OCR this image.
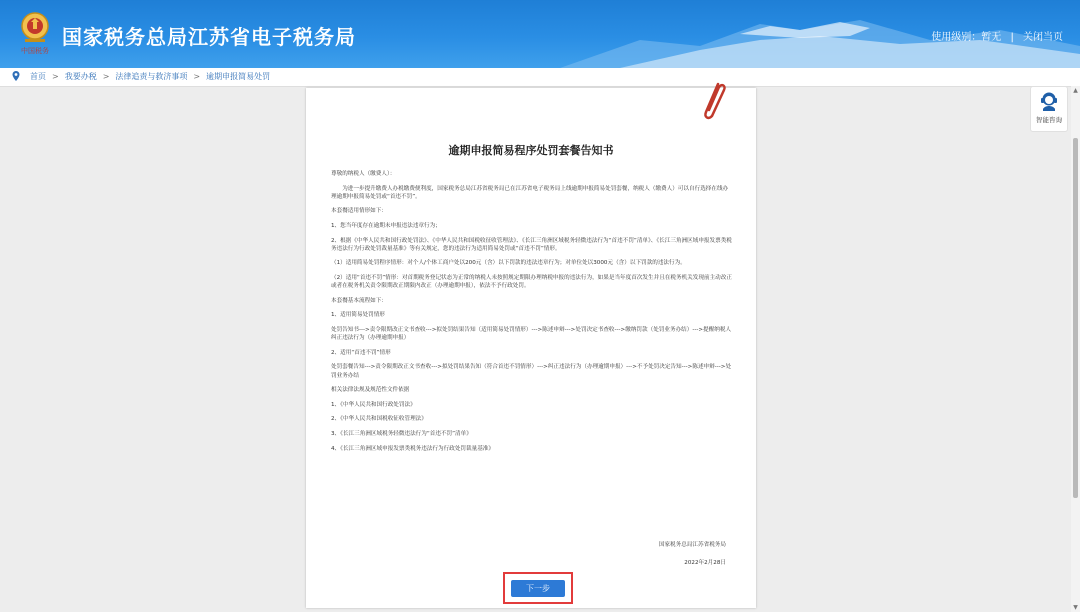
中国税务
国家税务总局江苏省电子税务局	使用级别：暂无 | 关闭当页
首页 > 我要办税 > 法律追责与救济事项 > 逾期申报简易处罚
逾期申报简易程序处罚套餐告知书

尊敬的纳税人（缴费人）：

为进一步提升缴费人办税缴费便利度，国家税务总局江苏省税务局已在江苏省电子税务局上线逾期申报简易处罚套餐，纳税人（缴费人）可以自行选择在线办理逾期申报简易处罚或“首违不罚”。

本套餐适用情形如下：

1、您当年度存在逾期未申报违法违章行为；

2、根据《中华人民共和国行政处罚法》、《中华人民共和国税收征收管理法》、《长江三角洲区域税务轻微违法行为“首违不罚”清单》、《长江三角洲区域申报发票类税务违法行为行政处罚裁量基准》等有关规定，您的违法行为适用简易处罚或“首违不罚”情形。

（1）适用简易处罚程序情形：对个人/个体工商户处以200元（含）以下罚款的违法违章行为；对单位处以3000元（含）以下罚款的违法行为。

（2）适用“首违不罚”情形：对首期税务登记状态为正常的纳税人未按照规定期限办理纳税申报的违法行为，如果是当年度首次发生并且在税务机关发现前主动改正或者在税务机关责令限期改正期限内改正（办理逾期申报），依法不予行政处罚。

本套餐基本流程如下：

1、适用简易处罚情形

处罚告知书--->责令限期改正文书查收--->拟处罚结果告知（适用简易处罚情形）--->陈述申辩--->处罚决定书查收--->缴纳罚款（处罚业务办结）--->提醒纳税人纠正违法行为（办理逾期申报）

2、适用“首违不罚”情形

处罚套餐告知--->责令限期改正文书查收--->拟处罚结果告知（符合首违不罚情形）--->纠正违法行为（办理逾期申报）--->不予处罚决定告知--->陈述申辩--->处罚业务办结

相关法律法规及规范性文件依据

1、《中华人民共和国行政处罚法》

2、《中华人民共和国税收征收管理法》

3、《长江三角洲区域税务轻微违法行为“首违不罚”清单》

4、《长江三角洲区域申报发票类税务违法行为行政处罚裁量基准》

国家税务总局江苏省税务局
2022年2月28日
下一步
智能咨询
▲
▼
